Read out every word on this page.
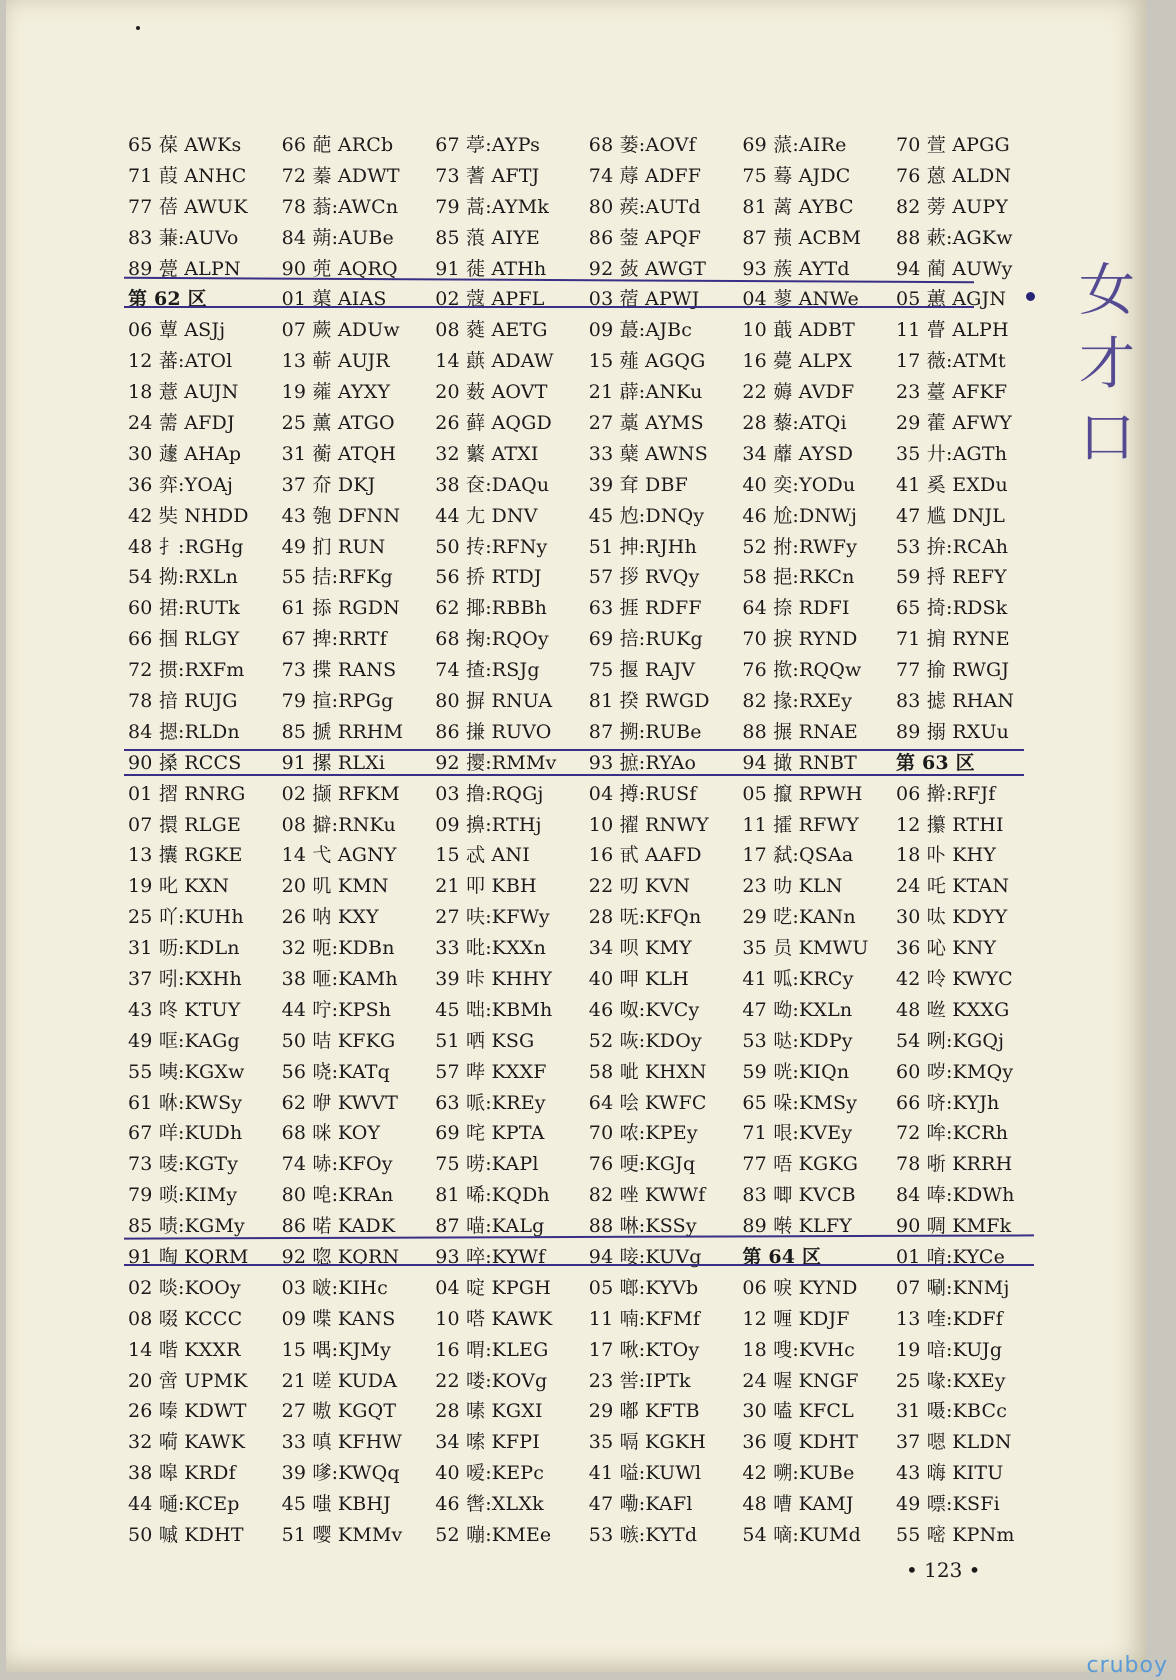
65 葆 AWKs	66 葩 ARCb	67 葶:AYPs	68 蒌:AOVf	69 蒎:AIRe	70 萱 APGG
71 葭 ANHC	72 蓁 ADWT	73 蓍 AFTJ	74 蓐 ADFF	75 蓦 AJDC	76 蒽 ALDN
77 蓓 AWUK	78 蓊:AWCn	79 蒿:AYMk	80 蒺:AUTd	81 蓠 AYBC	82 蒡 AUPY
83 蒹:AUVo	84 蒴:AUBe	85 蒗 AIYE	86 蓥 APQF	87 蓣 ACBM	88 蔌:AGKw
89 甍 ALPN	90 蔸 AQRQ	91 蓰 ATHh	92 蔹 AWGT	93 蔟 AYTd	94 蔺 AUWy
第 62 区	01 蕖 AIAS	02 蔻 APFL	03 蓿 APWJ	04 蓼 ANWe	05 蕙 AGJN
06 蕈 ASJj	07 蕨 ADUw	08 蕤 AETG	09 蕞:AJBc	10 蕺 ADBT	11 瞢 ALPH
12 蕃:ATOl	13 蕲 AUJR	14 蕻 ADAW	15 薤 AGQG	16 薨 ALPX	17 薇:ATMt
18 薏 AUJN	19 蕹 AYXY	20 薮 AOVT	21 薜:ANKu	22 薅 AVDF	23 薹 AFKF
24 薷 AFDJ	25 薰 ATGO	26 藓 AQGD	27 藁 AYMS	28 藜:ATQi	29 藿 AFWY
30 蘧 AHAp	31 蘅 ATQH	32 蘩 ATXI	33 蘖 AWNS	34 蘼 AYSD	35 廾:AGTh
36 弈:YOAj	37 夼 DKJ	38 奁:DAQu	39 耷 DBF	40 奕:YODu	41 奚 EXDu
42 奘 NHDD	43 匏 DFNN	44 尢 DNV	45 尥:DNQy	46 尬:DNWj	47 尴 DNJL
48 扌:RGHg	49 扪 RUN	50 抟:RFNy	51 抻:RJHh	52 拊:RWFy	53 拚:RCAh
54 拗:RXLn	55 拮:RFKg	56 挢 RTDJ	57 拶 RVQy	58 挹:RKCn	59 捋 REFY
60 捃:RUTk	61 掭 RGDN	62 揶:RBBh	63 捱 RDFF	64 捺 RDFI	65 掎:RDSk
66 掴 RLGY	67 捭:RRTf	68 掬:RQOy	69 掊:RUKg	70 捩 RYND	71 掮 RYNE
72 掼:RXFm	73 揲 RANS	74 揸:RSJg	75 揠 RAJV	76 揿:RQQw	77 揄 RWGJ
78 揞 RUJG	79 揎:RPGg	80 摒 RNUA	81 揆 RWGD	82 掾:RXEy	83 摅 RHAN
84 摁:RLDn	85 搋 RRHM	86 搛 RUVO	87 搠:RUBe	88 搌 RNAE	89 搦 RXUu
90 搡 RCCS	91 摞 RLXi	92 撄:RMMv	93 摭:RYAo	94 撖 RNBT	第 63 区
01 摺 RNRG	02 撷 RFKM	03 撸:RQGj	04 撙:RUSf	05 攛 RPWH	06 擀:RFJf
07 擐 RLGE	08 擗:RNKu	09 擤:RTHj	10 擢 RNWY	11 攉 RFWY	12 攥 RTHI
13 攮 RGKE	14 弋 AGNY	15 忒 ANI	16 甙 AAFD	17 弑:QSAa	18 卟 KHY
19 叱 KXN	20 叽 KMN	21 叩 KBH	22 叨 KVN	23 叻 KLN	24 吒 KTAN
25 吖:KUHh	26 呐 KXY	27 呋:KFWy	28 呒:KFQn	29 呓:KANn	30 呔 KDYY
31 呖:KDLn	32 呃:KDBn	33 吡:KXXn	34 呗 KMY	35 员 KMWU	36 吣 KNY
37 吲:KXHh	38 咂:KAMh	39 咔 KHHY	40 呷 KLH	41 呱:KRCy	42 呤 KWYC
43 咚 KTUY	44 咛:KPSh	45 咄:KBMh	46 呶:KVCy	47 呦:KXLn	48 咝 KXXG
49 哐:KAGg	50 咭 KFKG	51 哂 KSG	52 咴:KDOy	53 哒:KDPy	54 咧:KGQj
55 咦:KGXw	56 哓:KATq	57 哔 KXXF	58 呲 KHXN	59 咣:KIQn	60 哕:KMQy
61 咻:KWSy	62 咿 KWVT	63 哌:KREy	64 哙 KWFC	65 哚:KMSy	66 哜:KYJh
67 咩:KUDh	68 咪 KOY	69 咤 KPTA	70 哝:KPEy	71 哏:KVEy	72 哞:KCRh
73 唛:KGTy	74 哧:KFOy	75 唠:KAPl	76 哽:KGJq	77 唔 KGKG	78 哳 KRRH
79 唢:KIMy	80 唣:KRAn	81 唏:KQDh	82 唑 KWWf	83 唧 KVCB	84 唪:KDWh
85 啧:KGMy	86 喏 KADK	87 喵:KALg	88 啉:KSSy	89 啭 KLFY	90 啁 KMFk
91 啕 KQRM	92 唿 KQRN	93 啐:KYWf	94 唼:KUVg	第 64 区	01 唷:KYCe
02 啖:KOOy	03 啵:KIHc	04 啶 KPGH	05 啷:KYVb	06 唳 KYND	07 唰:KNMj
08 啜 KCCC	09 喋 KANS	10 嗒 KAWK	11 喃:KFMf	12 喱 KDJF	13 喹:KDFf
14 喈 KXXR	15 喁:KJMy	16 喟:KLEG	17 啾:KTOy	18 嗖:KVHc	19 喑:KUJg
20 啻 UPMK	21 嗟 KUDA	22 喽:KOVg	23 喾:IPTk	24 喔 KNGF	25 喙:KXEy
26 嗪 KDWT	27 嗷 KGQT	28 嗉 KGXI	29 嘟 KFTB	30 嗑 KFCL	31 嗫:KBCc
32 嗬 KAWK	33 嗔 KFHW	34 嗦 KFPI	35 嗝 KGKH	36 嗄 KDHT	37 嗯 KLDN
38 嗥 KRDf	39 嗲:KWQq	40 嗳:KEPc	41 嗌:KUWl	42 嗍:KUBe	43 嗨 KITU
44 嗵:KCEp	45 嗤 KBHJ	46 辔:XLXk	47 嘞:KAFl	48 嘈 KAMJ	49 嘌:KSFi
50 嘁 KDHT	51 嘤 KMMv	52 嘣:KMEe	53 嗾:KYTd	54 嘀:KUMd	55 嘧 KPNm
女 才 口
• 123 •
cruboy
